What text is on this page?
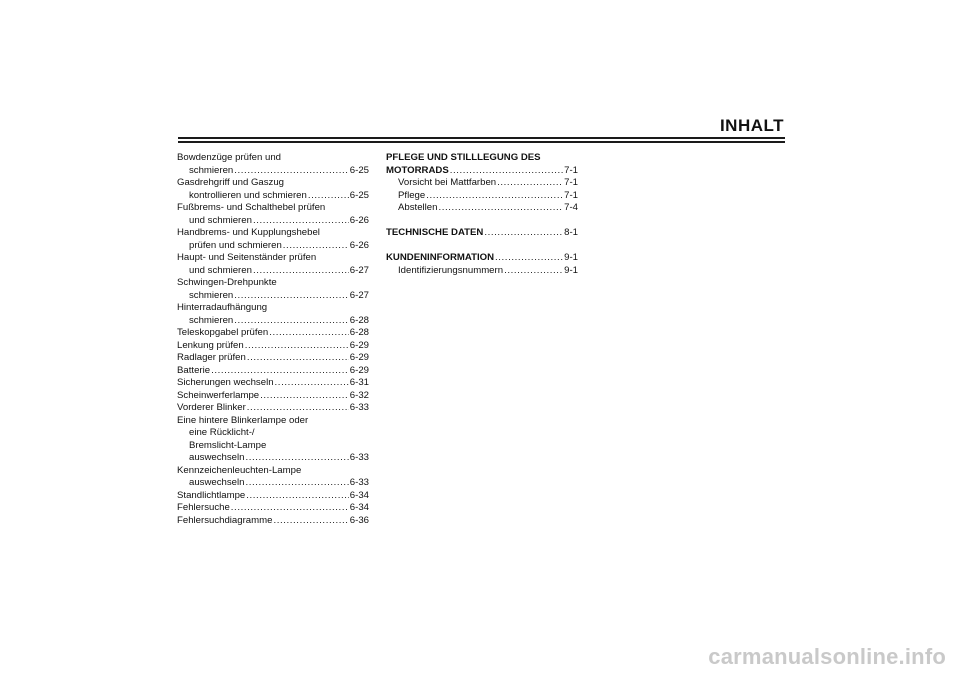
INHALT
Bowdenzüge prüfen und
schmieren .....	6-25
Gasdrehgriff und Gaszug
kontrollieren und schmieren .....	6-25
Fußbrems- und Schalthebel prüfen
und schmieren .....	6-26
Handbrems- und Kupplungshebel
prüfen und schmieren .....	6-26
Haupt- und Seitenständer prüfen
und schmieren .....	6-27
Schwingen-Drehpunkte
schmieren .....	6-27
Hinterradaufhängung
schmieren .....	6-28
Teleskopgabel prüfen .....	6-28
Lenkung prüfen .....	6-29
Radlager prüfen .....	6-29
Batterie .....	6-29
Sicherungen wechseln .....	6-31
Scheinwerferlampe .....	6-32
Vorderer Blinker .....	6-33
Eine hintere Blinkerlampe oder
eine Rücklicht-/
Bremslicht-Lampe
auswechseln .....	6-33
Kennzeichenleuchten-Lampe
auswechseln .....	6-33
Standlichtlampe .....	6-34
Fehlersuche .....	6-34
Fehlersuchdiagramme .....	6-36
PFLEGE UND STILLLEGUNG DES
MOTORRADS .....	7-1
Vorsicht bei Mattfarben .....	7-1
Pflege .....	7-1
Abstellen .....	7-4
TECHNISCHE DATEN .....	8-1
KUNDENINFORMATION .....	9-1
Identifizierungsnummern .....	9-1
carmanualsonline.info
